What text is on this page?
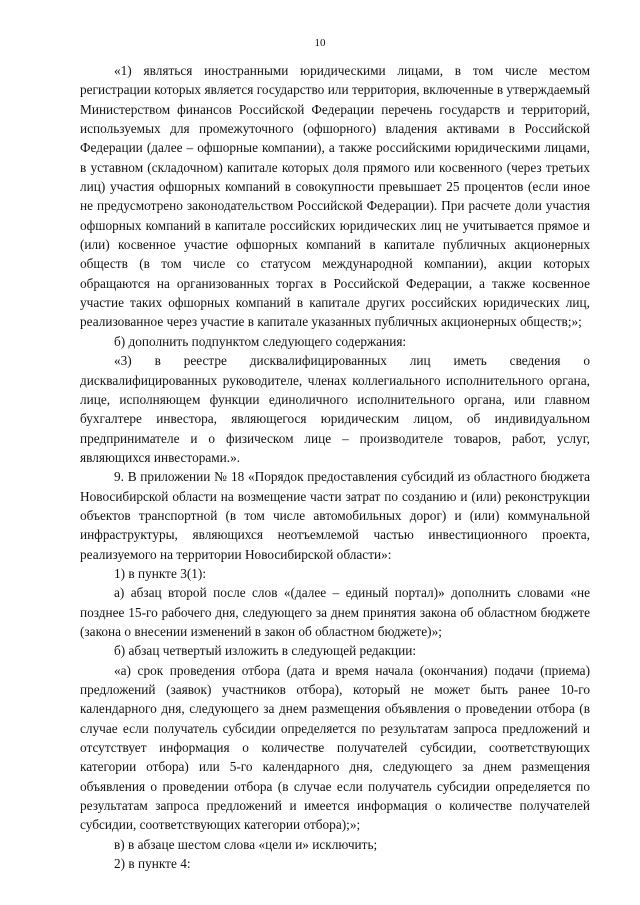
10

«1) являться иностранными юридическими лицами, в том числе местом регистрации которых является государство или территория, включенные в утверждаемый Министерством финансов Российской Федерации перечень государств и территорий, используемых для промежуточного (офшорного) владения активами в Российской Федерации (далее – офшорные компании), а также российскими юридическими лицами, в уставном (складочном) капитале которых доля прямого или косвенного (через третьих лиц) участия офшорных компаний в совокупности превышает 25 процентов (если иное не предусмотрено законодательством Российской Федерации). При расчете доли участия офшорных компаний в капитале российских юридических лиц не учитывается прямое и (или) косвенное участие офшорных компаний в капитале публичных акционерных обществ (в том числе со статусом международной компании), акции которых обращаются на организованных торгах в Российской Федерации, а также косвенное участие таких офшорных компаний в капитале других российских юридических лиц, реализованное через участие в капитале указанных публичных акционерных обществ;»;

б) дополнить подпунктом следующего содержания:

«3) в реестре дисквалифицированных лиц иметь сведения о дисквалифицированных руководителе, членах коллегиального исполнительного органа, лице, исполняющем функции единоличного исполнительного органа, или главном бухгалтере инвестора, являющегося юридическим лицом, об индивидуальном предпринимателе и о физическом лице – производителе товаров, работ, услуг, являющихся инвесторами.».

9. В приложении № 18 «Порядок предоставления субсидий из областного бюджета Новосибирской области на возмещение части затрат по созданию и (или) реконструкции объектов транспортной (в том числе автомобильных дорог) и (или) коммунальной инфраструктуры, являющихся неотъемлемой частью инвестиционного проекта, реализуемого на территории Новосибирской области»:

1) в пункте 3(1):

а) абзац второй после слов «(далее – единый портал)» дополнить словами «не позднее 15-го рабочего дня, следующего за днем принятия закона об областном бюджете (закона о внесении изменений в закон об областном бюджете)»;

б) абзац четвертый изложить в следующей редакции:

«а) срок проведения отбора (дата и время начала (окончания) подачи (приема) предложений (заявок) участников отбора), который не может быть ранее 10-го календарного дня, следующего за днем размещения объявления о проведении отбора (в случае если получатель субсидии определяется по результатам запроса предложений и отсутствует информация о количестве получателей субсидии, соответствующих категории отбора) или 5-го календарного дня, следующего за днем размещения объявления о проведении отбора (в случае если получатель субсидии определяется по результатам запроса предложений и имеется информация о количестве получателей субсидии, соответствующих категории отбора);»;

в) в абзаце шестом слова «цели и» исключить;

2) в пункте 4:
